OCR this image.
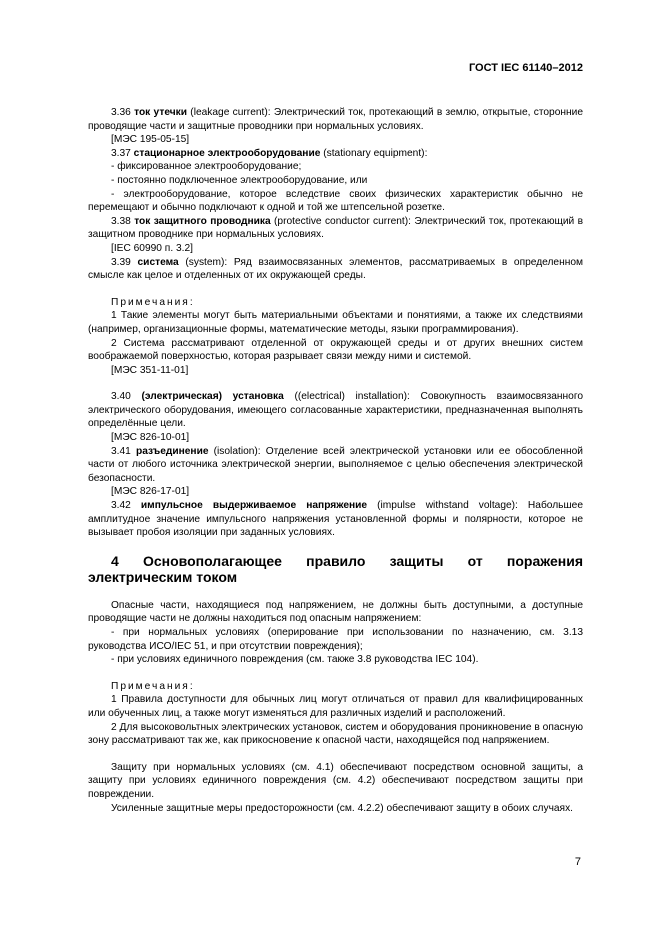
ГОСТ IEC 61140–2012

3.36 ток утечки (leakage current): Электрический ток, протекающий в землю, открытые, сторонние проводящие части и защитные проводники при нормальных условиях.

[МЭС 195-05-15]

3.37 стационарное электрооборудование (stationary equipment):

- фиксированное электрооборудование;

- постоянно подключенное электрооборудование, или

- электрооборудование, которое вследствие своих физических характеристик обычно не перемещают и обычно подключают к одной и той же штепсельной розетке.

3.38 ток защитного проводника (protective conductor current): Электрический ток, протекающий в защитном проводнике при нормальных условиях.

[IEC 60990 п. 3.2]

3.39 система (system): Ряд взаимосвязанных элементов, рассматриваемых в определенном смысле как целое и отделенных от их окружающей среды.

Примечания:

1 Такие элементы могут быть материальными объектами и понятиями, а также их следствиями (например, организационные формы, математические методы, языки программирования).

2 Система рассматривают отделенной от окружающей среды и от других внешних систем воображаемой поверхностью, которая разрывает связи между ними и системой.

[МЭС 351-11-01]

3.40 (электрическая) установка ((electrical) installation): Совокупность взаимосвязанного электрического оборудования, имеющего согласованные характеристики, предназначенная выполнять определённые цели.

[МЭС 826-10-01]

3.41 разъединение (isolation): Отделение всей электрической установки или ее обособленной части от любого источника электрической энергии, выполняемое с целью обеспечения электрической безопасности.

[МЭС 826-17-01]

3.42 импульсное выдерживаемое напряжение (impulse withstand voltage): Набольшее амплитудное значение импульсного напряжения установленной формы и полярности, которое не вызывает пробоя изоляции при заданных условиях.

4 Основополагающее правило защиты от поражения электрическим током

Опасные части, находящиеся под напряжением, не должны быть доступными, а доступные проводящие части не должны находиться под опасным напряжением:

- при нормальных условиях (оперирование при использовании по назначению, см. 3.13 руководства ИСО/IEC 51, и при отсутствии повреждения);

- при условиях единичного повреждения (см. также 3.8 руководства IEC 104).

Примечания:

1 Правила доступности для обычных лиц могут отличаться от правил для квалифицированных или обученных лиц, а также могут изменяться для различных изделий и расположений.

2 Для высоковольтных электрических установок, систем и оборудования проникновение в опасную зону рассматривают так же, как прикосновение к опасной части, находящейся под напряжением.

Защиту при нормальных условиях (см. 4.1) обеспечивают посредством основной защиты, а защиту при условиях единичного повреждения (см. 4.2) обеспечивают посредством защиты при повреждении.

Усиленные защитные меры предосторожности (см. 4.2.2) обеспечивают защиту в обоих случаях.

7
